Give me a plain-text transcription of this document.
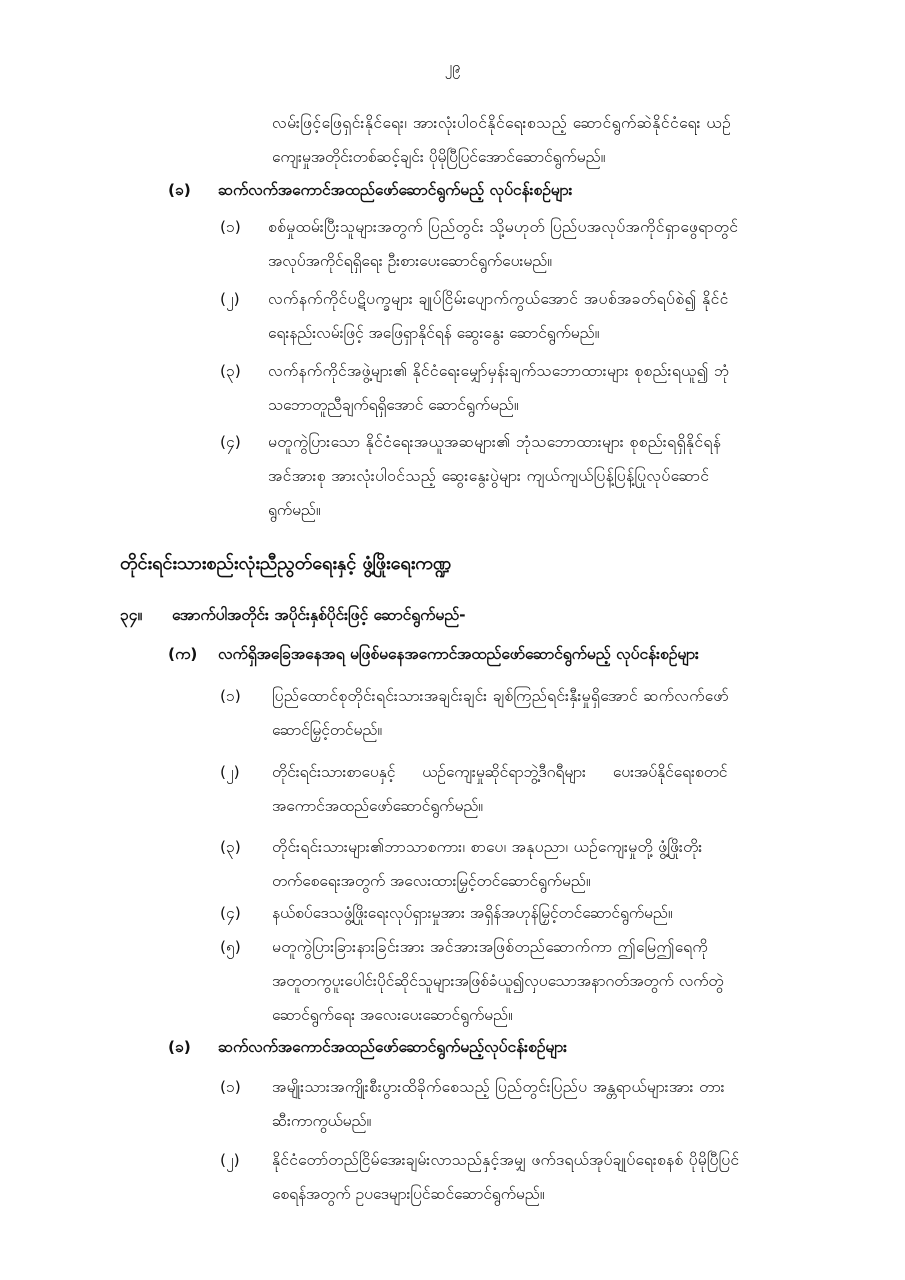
၂၉
လမ်းဖြင့်ဖြေရှင်းနိုင်ရေး၊ အားလုံးပါဝင်နိုင်ရေးစသည့် ဆောင်ရွက်ဆဲနိုင်ငံရေး ယဉ်
ကျေးမှုအတိုင်းတစ်ဆင့်ချင်း ပိုမိုပြီပြင်အောင်ဆောင်ရွက်မည်။
(ခ) ဆက်လက်အကောင်အထည်ဖော်ဆောင်ရွက်မည့် လုပ်ငန်းစဉ်များ
(၁) စစ်မှုထမ်းပြီးသူများအတွက် ပြည်တွင်း သို့မဟုတ် ပြည်ပအလုပ်အကိုင်ရှာဖွေရာတွင်
အလုပ်အကိုင်ရရှိရေး ဦးစားပေးဆောင်ရွက်ပေးမည်။
(၂) လက်နက်ကိုင်ပဋိပက္ခများ ချုပ်ငြိမ်းပျောက်ကွယ်အောင် အပစ်အခတ်ရပ်စဲ၍ နိုင်ငံ
ရေးနည်းလမ်းဖြင့် အဖြေရှာနိုင်ရန် ဆွေးနွေး ဆောင်ရွက်မည်။
(၃) လက်နက်ကိုင်အဖွဲ့များ၏ နိုင်ငံရေးမျှော်မှန်းချက်သဘောထားများ စုစည်းရယူ၍ ဘုံ
သဘောတူညီချက်ရရှိအောင် ဆောင်ရွက်မည်။
(၄) မတူကွဲပြားသော နိုင်ငံရေးအယူအဆများ၏ ဘုံသဘောထားများ စုစည်းရရှိနိုင်ရန်
အင်အားစု အားလုံးပါဝင်သည့် ဆွေးနွေးပွဲများ ကျယ်ကျယ်ပြန့်ပြန့်ပြုလုပ်ဆောင်
ရွက်မည်။
တိုင်းရင်းသားစည်းလုံးညီညွတ်ရေးနှင့် ဖွံ့ဖြိုးရေးကဏ္ဍ
၃၄။ အောက်ပါအတိုင်း အပိုင်းနှစ်ပိုင်းဖြင့် ဆောင်ရွက်မည်-
(က) လက်ရှိအခြေအနေအရ မဖြစ်မနေအကောင်အထည်ဖော်ဆောင်ရွက်မည့် လုပ်ငန်းစဉ်များ
(၁) ပြည်ထောင်စုတိုင်းရင်းသားအချင်းချင်း ချစ်ကြည်ရင်းနှီးမှုရှိအောင် ဆက်လက်ဖော်
ဆောင်မြှင့်တင်မည်။
(၂) တိုင်းရင်းသားစာပေနှင့် ယဉ်ကျေးမှုဆိုင်ရာဘွဲ့ဒီဂရီများ ပေးအပ်နိုင်ရေးစတင်
အကောင်အထည်ဖော်ဆောင်ရွက်မည်။
(၃) တိုင်းရင်းသားများ၏ဘာသာစကား၊ စာပေ၊ အနုပညာ၊ ယဉ်ကျေးမှုတို့ ဖွံ့ဖြိုးတိုး
တက်စေရေးအတွက် အလေးထားမြှင့်တင်ဆောင်ရွက်မည်။
(၄) နယ်စပ်ဒေသဖွံ့ဖြိုးရေးလုပ်ရှားမှုအား အရှိန်အဟုန်မြှင့်တင်ဆောင်ရွက်မည်။
(၅) မတူကွဲပြားခြားနားခြင်းအား အင်အားအဖြစ်တည်ဆောက်ကာ ဤမြေဤရေကို
အတူတကွပူးပေါင်းပိုင်ဆိုင်သူများအဖြစ်ခံယူ၍လှပသောအနာဂတ်အတွက် လက်တွဲ
ဆောင်ရွက်ရေး အလေးပေးဆောင်ရွက်မည်။
(ခ) ဆက်လက်အကောင်အထည်ဖော်ဆောင်ရွက်မည့်လုပ်ငန်းစဉ်များ
(၁) အမျိုးသားအကျိုးစီးပွားထိခိုက်စေသည့် ပြည်တွင်းပြည်ပ အန္တရာယ်များအား တား
ဆီးကာကွယ်မည်။
(၂) နိုင်ငံတော်တည်ငြိမ်အေးချမ်းလာသည်နှင့်အမျှ ဖက်ဒရယ်အုပ်ချုပ်ရေးစနစ် ပိုမိုပြီပြင်
စေရန်အတွက် ဥပဒေများပြင်ဆင်ဆောင်ရွက်မည်။
